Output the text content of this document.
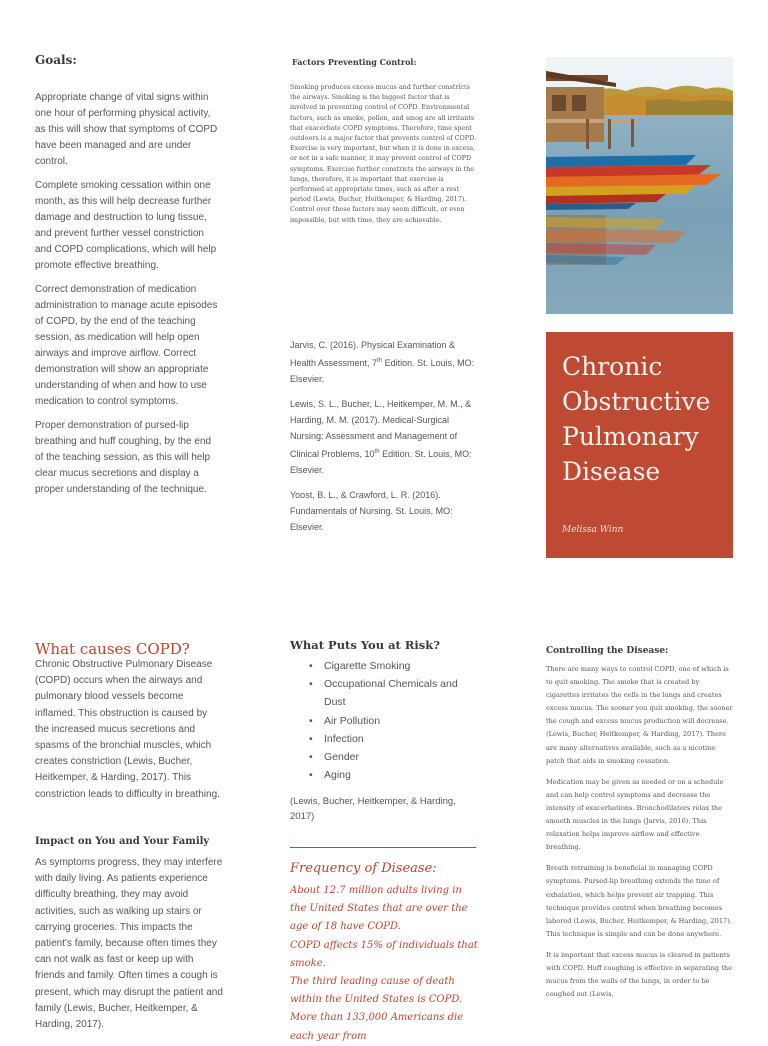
Goals:

Appropriate change of vital signs within one hour of performing physical activity, as this will show that symptoms of COPD have been managed and are under control.

Complete smoking cessation within one month, as this will help decrease further damage and destruction to lung tissue, and prevent further vessel constriction and COPD complications, which will help promote effective breathing.

Correct demonstration of medication administration to manage acute episodes of COPD, by the end of the teaching session, as medication will help open airways and improve airflow. Correct demonstration will show an appropriate understanding of when and how to use medication to control symptoms.

Proper demonstration of pursed-lip breathing and huff coughing, by the end of the teaching session, as this will help clear mucus secretions and display a proper understanding of the technique.

Factors Preventing Control:

Smoking produces excess mucus and further constricts the airways. Smoking is the biggest factor that is involved in preventing control of COPD. Environmental factors, such as smoke, pollen, and smog are all irritants that exacerbate COPD symptoms. Therefore, time spent outdoors is a major factor that prevents control of COPD. Exercise is very important, but when it is done in excess, or not in a safe manner, it may prevent control of COPD symptoms. Exercise further constricts the airways in the lungs, therefore, it is important that exercise is performed at appropriate times, such as after a rest period (Lewis, Bucher, Heitkemper, & Harding, 2017). Control over these factors may seem difficult, or even impossible, but with time, they are achievable.

Jarvis, C. (2016). Physical Examination & Health Assessment, 7th Edition. St. Louis, MO: Elsevier.

Lewis, S. L., Bucher, L., Heitkemper, M. M., & Harding, M. M. (2017). Medical-Surgical Nursing: Assessment and Management of Clinical Problems, 10th Edition. St. Louis, MO: Elsevier.

Yoost, B. L., & Crawford, L. R. (2016). Fundamentals of Nursing. St. Louis, MO: Elsevier.

Chronic
Obstructive
Pulmonary
Disease
Melissa Winn
What causes COPD?
Chronic Obstructive Pulmonary Disease (COPD) occurs when the airways and pulmonary blood vessels become inflamed. This obstruction is caused by the increased mucus secretions and spasms of the bronchial muscles, which creates constriction (Lewis, Bucher, Heitkemper, & Harding, 2017). This constriction leads to difficulty in breathing.
Impact on You and Your Family
As symptoms progress, they may interfere with daily living. As patients experience difficulty breathing, they may avoid activities, such as walking up stairs or carrying groceries. This impacts the patient's family, because often times they can not walk as fast or keep up with friends and family. Often times a cough is present, which may disrupt the patient and family (Lewis, Bucher, Heitkemper, & Harding, 2017).
What Puts You at Risk?
• Cigarette Smoking
• Occupational Chemicals and Dust
• Air Pollution
• Infection
• Gender
• Aging
(Lewis, Bucher, Heitkemper, & Harding, 2017)
Frequency of Disease:
About 12.7 million adults living in the United States that are over the age of 18 have COPD.
COPD affects 15% of individuals that smoke.
The third leading cause of death within the United States is COPD. More than 133,000 Americans die each year from
Controlling the Disease:

There are many ways to control COPD, one of which is to quit smoking. The smoke that is created by cigarettes irritates the cells in the lungs and creates excess mucus. The sooner you quit smoking, the sooner the cough and excess mucus production will decrease. (Lewis, Bucher, Heitkemper, & Harding, 2017). There are many alternatives available, such as a nicotine patch that aids in smoking cessation.

Medication may be given as needed or on a schedule and can help control symptoms and decrease the intensity of exacerbations. Bronchodilators relax the smooth muscles in the lungs (Jarvis, 2016). This relaxation helps improve airflow and effective breathing.

Breath retraining is beneficial in managing COPD symptoms. Pursed-lip breathing extends the time of exhalation, which helps prevent air trapping. This technique provides control when breathing becomes labored (Lewis, Bucher, Heitkemper, & Harding, 2017). This technique is simple and can be done anywhere.

It is important that excess mucus is cleared in patients with COPD. Huff coughing is effective in separating the mucus from the walls of the lungs, in order to be coughed out (Lewis,
